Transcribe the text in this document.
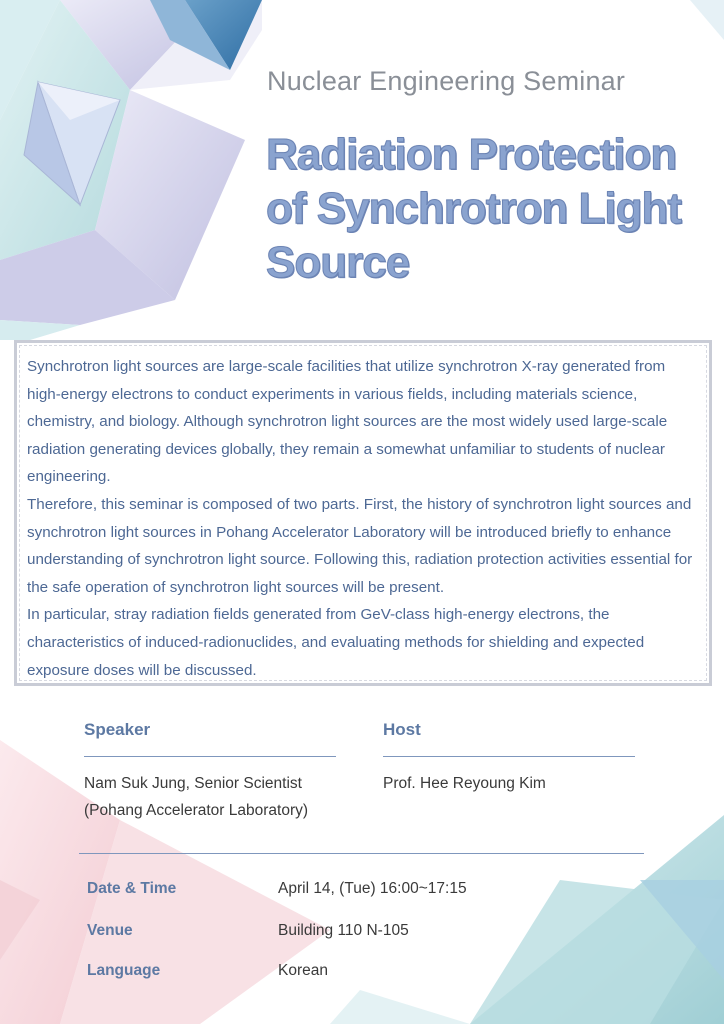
Nuclear Engineering Seminar
Radiation Protection
of Synchrotron Light
Source

Synchrotron light sources are large-scale facilities that utilize synchrotron X-ray generated from high-energy electrons to conduct experiments in various fields, including materials science, chemistry, and biology. Although synchrotron light sources are the most widely used large-scale radiation generating devices globally, they remain a somewhat unfamiliar to students of nuclear engineering.

Therefore, this seminar is composed of two parts. First, the history of synchrotron light sources and synchrotron light sources in Pohang Accelerator Laboratory will be introduced briefly to enhance understanding of synchrotron light source. Following this, radiation protection activities essential for the safe operation of synchrotron light sources will be present.

In particular, stray radiation fields generated from GeV-class high-energy electrons, the characteristics of induced-radionuclides, and evaluating methods for shielding and expected exposure doses will be discussed.

Speaker
Nam Suk Jung, Senior Scientist
(Pohang Accelerator Laboratory)
Host
Prof. Hee Reyoung Kim
Date & Time	April 14, (Tue) 16:00~17:15
Venue	Building 110 N-105
Language	Korean
